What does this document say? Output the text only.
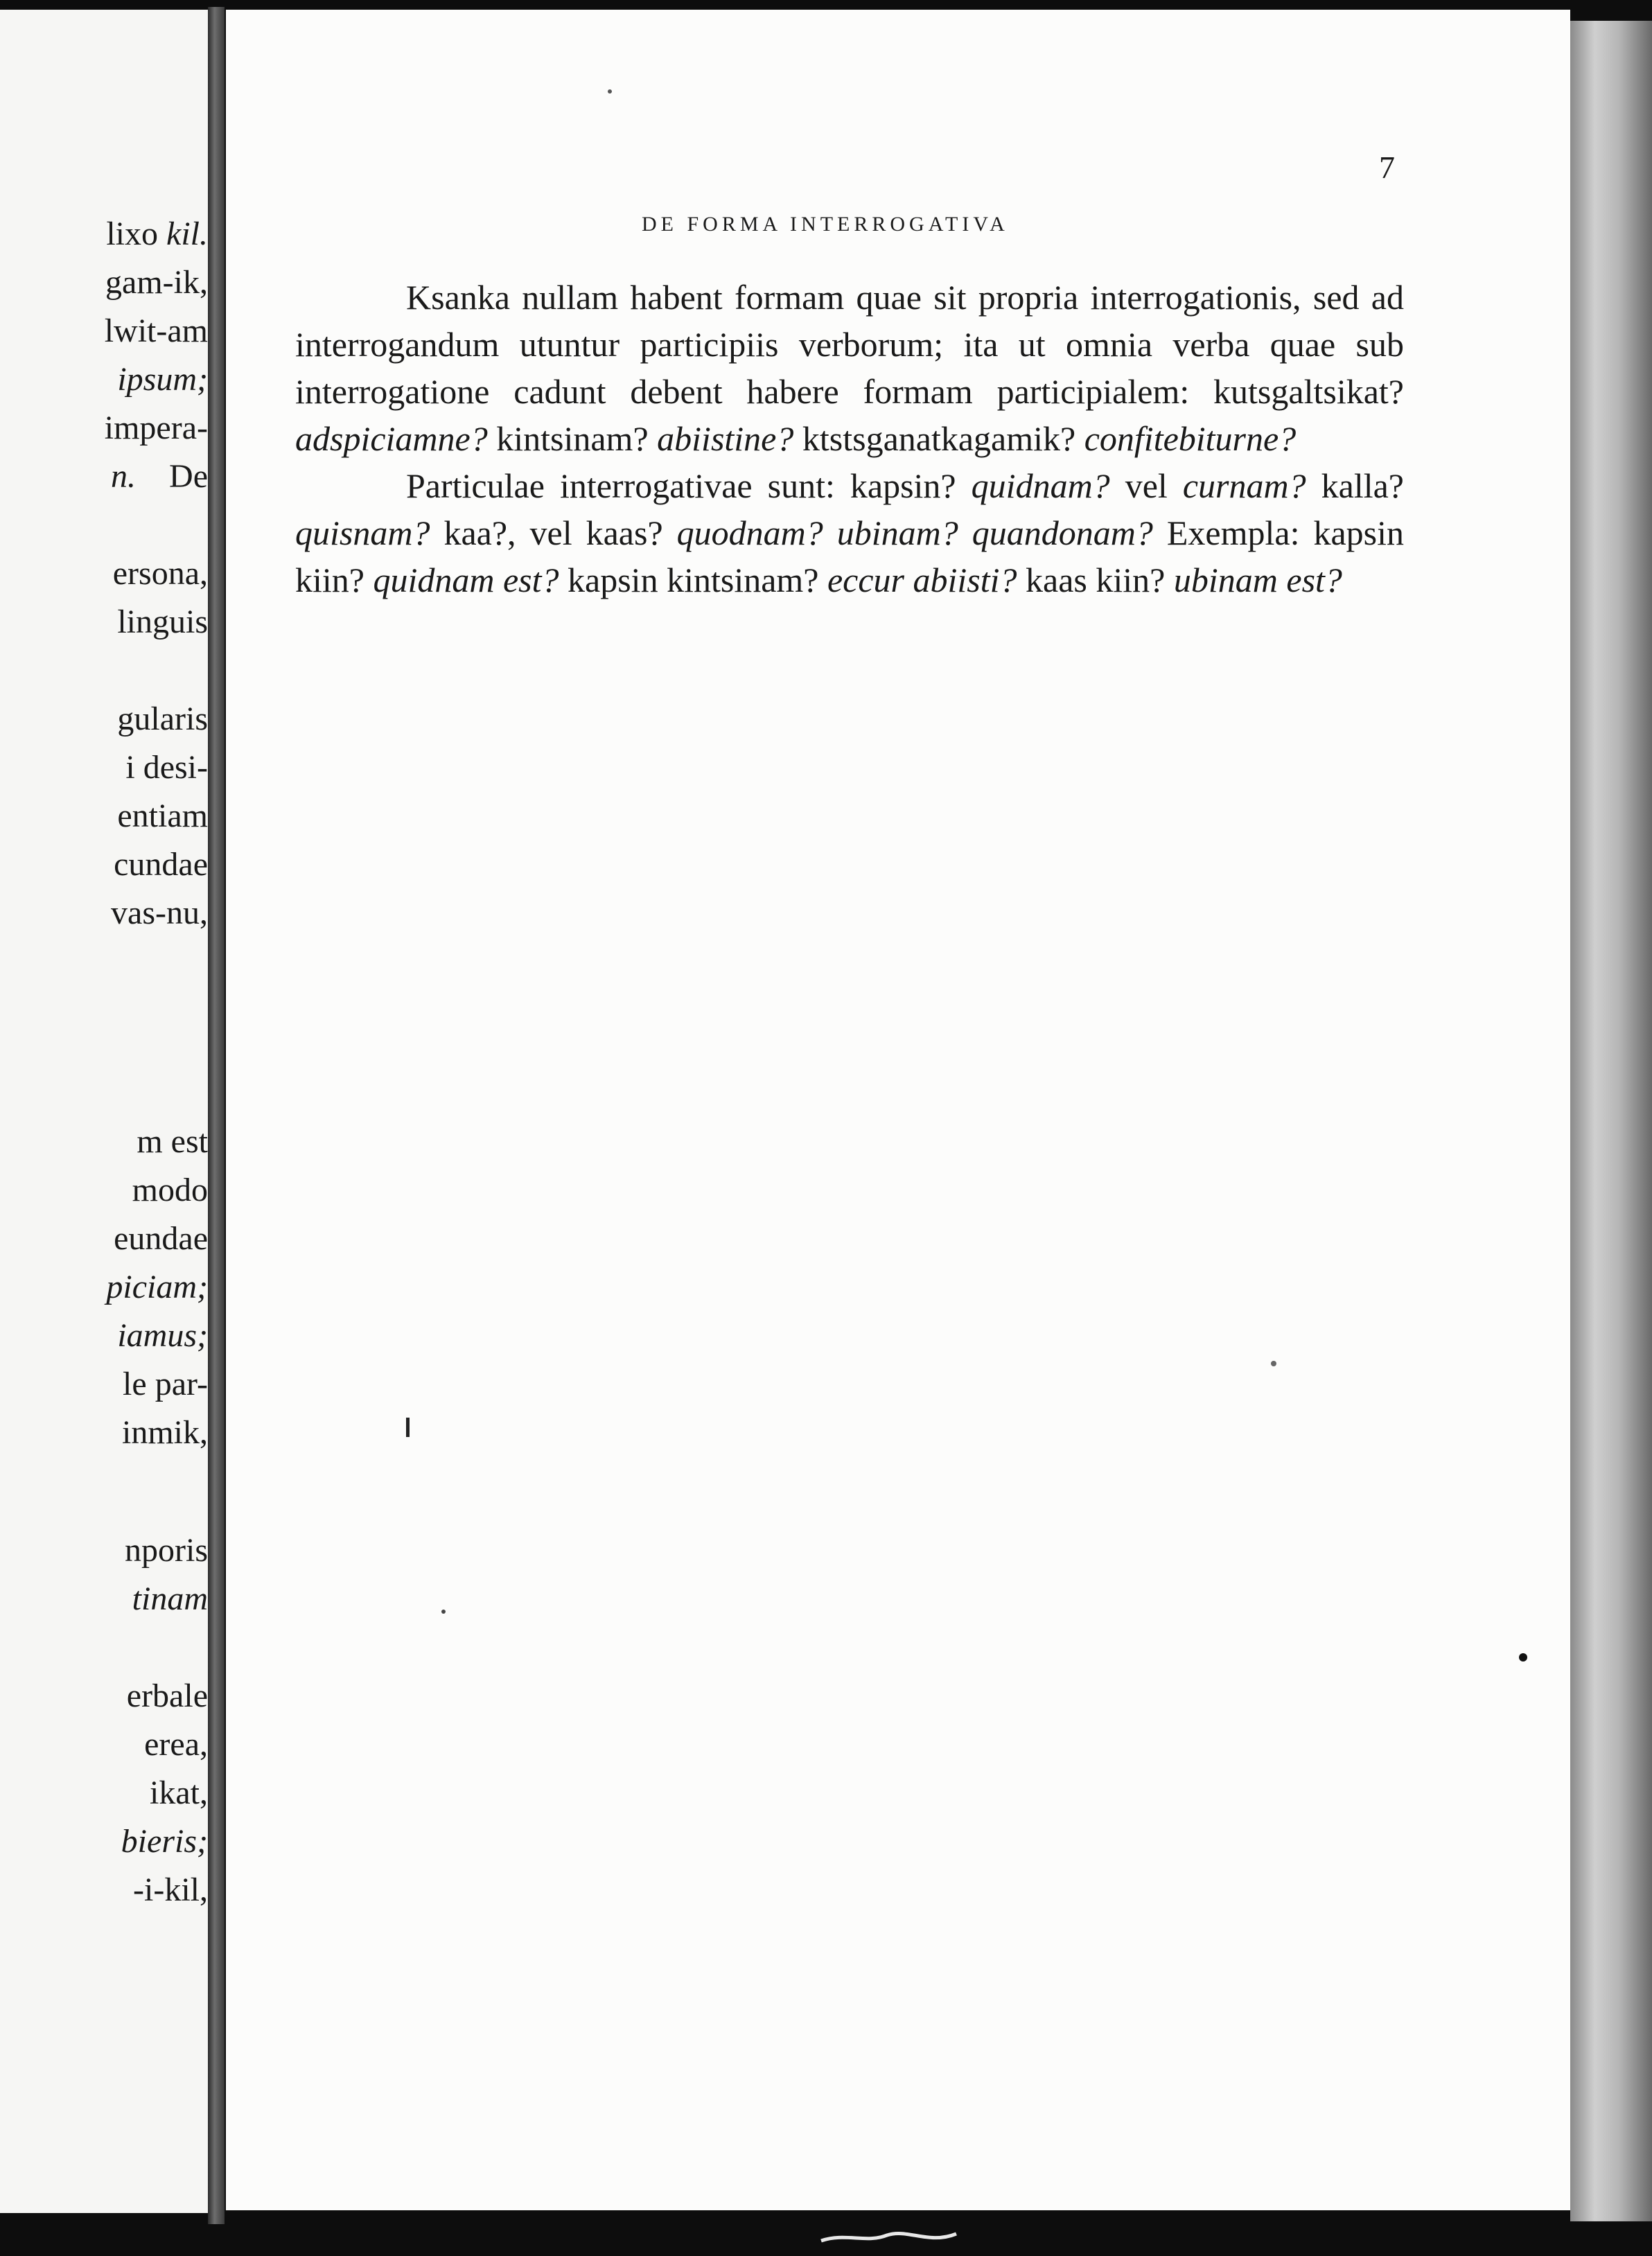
lixo kil.
gam-ik,
lwit-am
ipsum;
impera-
n.  De
ersona,
linguis
gularis
i desi-
entiam
cundae
vas-nu,
m est
modo
eundae
piciam;
iamus;
le par-
inmik,
nporis
tinam
erbale
erea,
ikat,
bieris;
-i-kil,
7
DE FORMA INTERROGATIVA

Ksanka nullam habent formam quae sit propria interrogationis, sed ad interrogandum utuntur participiis verborum; ita ut omnia verba quae sub interrogatione cadunt debent habere formam participialem: kutsgaltsikat? adspiciamne? kintsinam? abiistine? ktstsganatkagamik? confitebiturne?

Particulae interrogativae sunt: kapsin? quidnam? vel curnam? kalla? quisnam? kaa?, vel kaas? quodnam? ubinam? quandonam? Exempla: kapsin kiin? quidnam est? kapsin kintsinam? eccur abiisti? kaas kiin? ubinam est?
